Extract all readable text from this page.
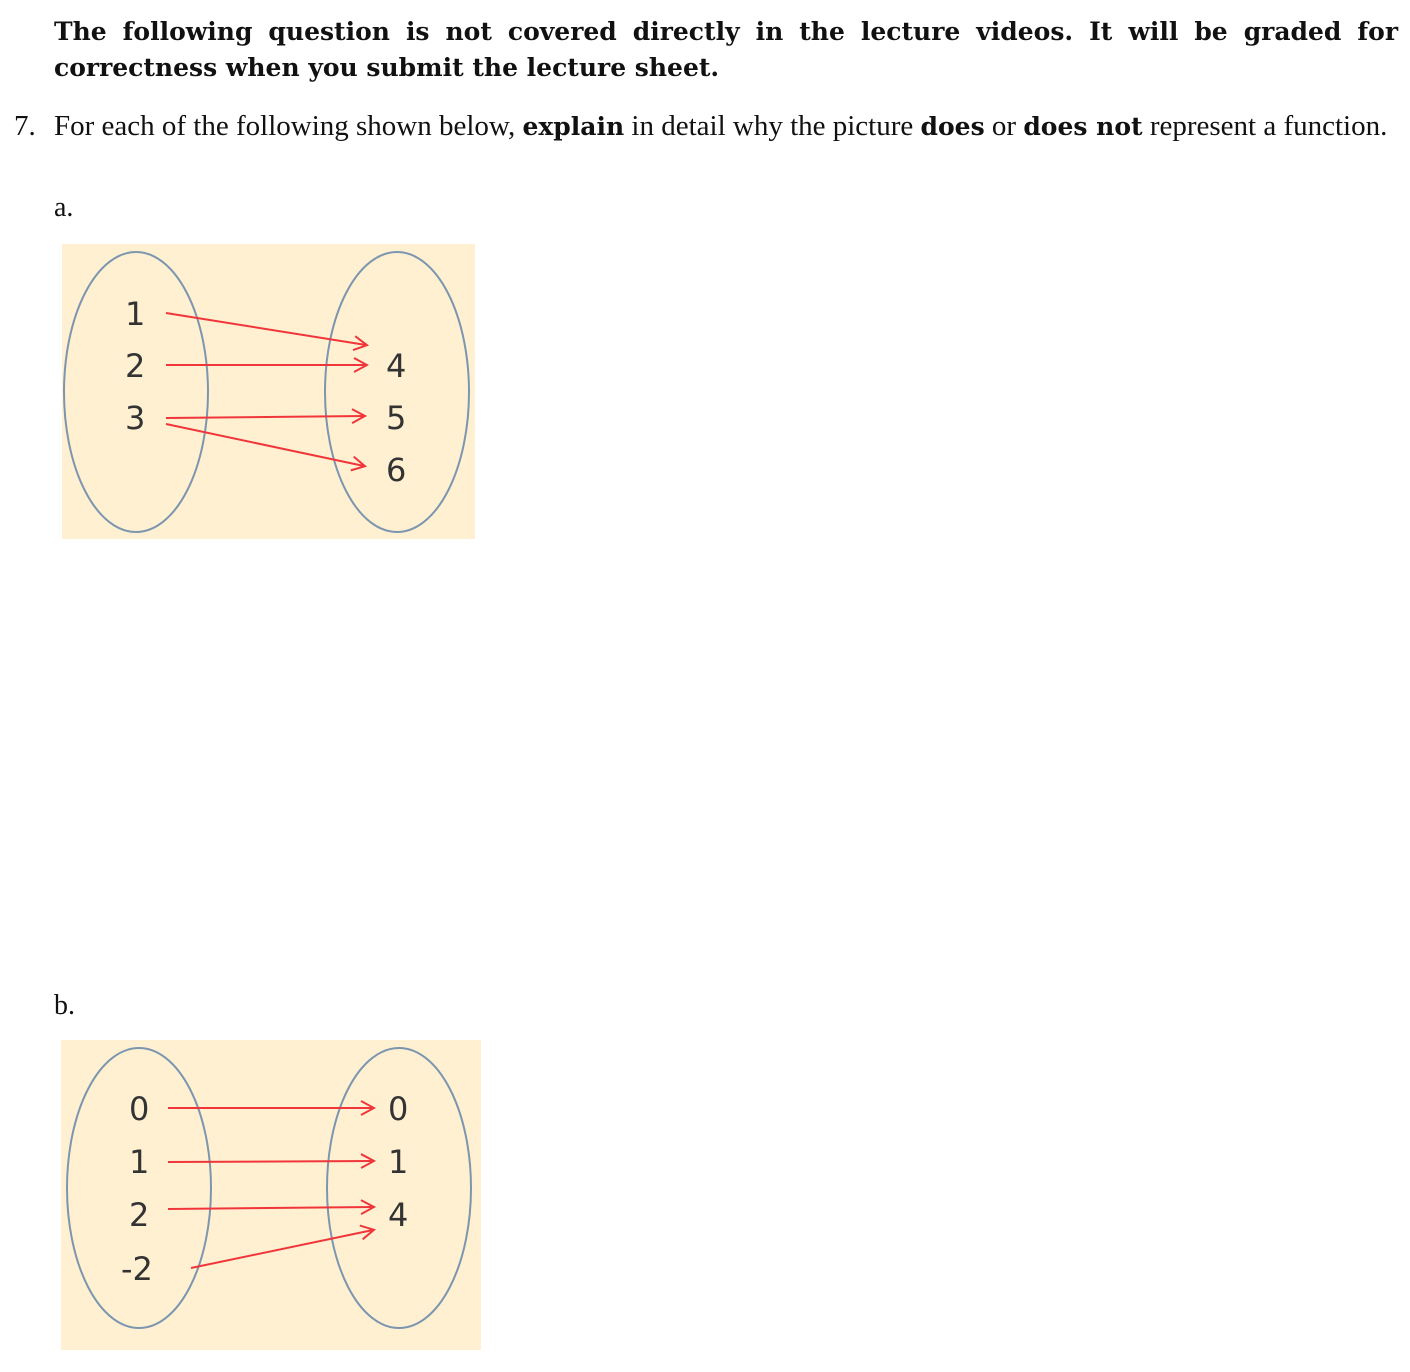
The following question is not covered directly in the lecture videos. It will be graded for correctness when you submit the lecture sheet.
7. For each of the following shown below, explain in detail why the picture does or does not represent a function.
a.
1
2
3
4
5
6
b.
0
1
2
-2
0
1
4
